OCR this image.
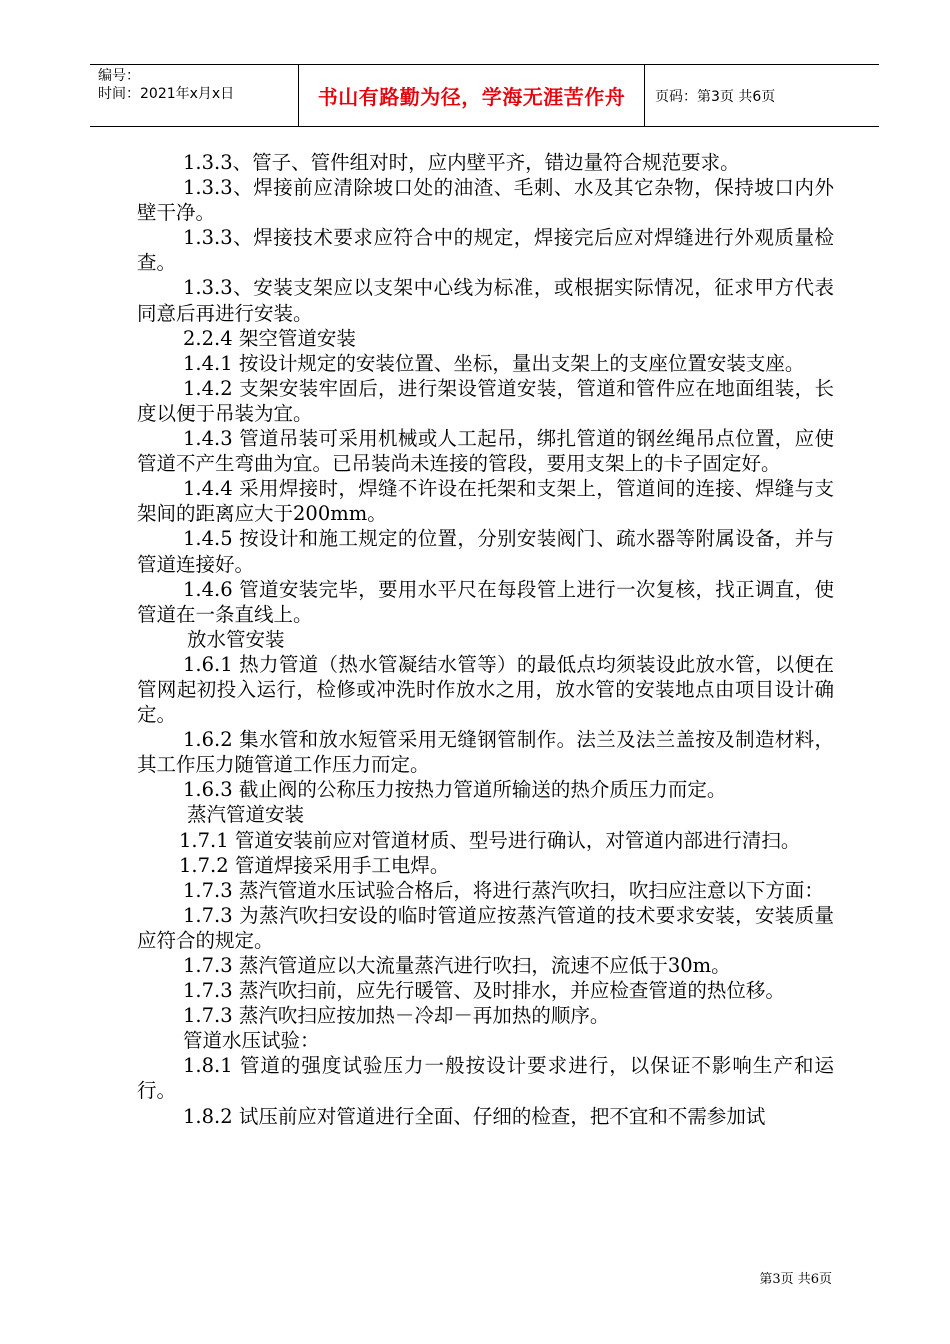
编号：
时间：2021年x月x日	书山有路勤为径，学海无涯苦作舟 页码：第3页 共6页

1.3.3、管子、管件组对时，应内壁平齐，错边量符合规范要求。

1.3.3、焊接前应清除坡口处的油渣、毛刺、水及其它杂物，保持坡口内外壁干净。

1.3.3、焊接技术要求应符合中的规定，焊接完后应对焊缝进行外观质量检查。

1.3.3、安装支架应以支架中心线为标准，或根据实际情况，征求甲方代表同意后再进行安装。

2.2.4 架空管道安装

1.4.1 按设计规定的安装位置、坐标，量出支架上的支座位置安装支座。

1.4.2 支架安装牢固后，进行架设管道安装，管道和管件应在地面组装，长度以便于吊装为宜。

1.4.3 管道吊装可采用机械或人工起吊，绑扎管道的钢丝绳吊点位置，应使管道不产生弯曲为宜。已吊装尚未连接的管段，要用支架上的卡子固定好。

1.4.4 采用焊接时，焊缝不许设在托架和支架上，管道间的连接、焊缝与支架间的距离应大于200mm。

1.4.5 按设计和施工规定的位置，分别安装阀门、疏水器等附属设备，并与管道连接好。

1.4.6 管道安装完毕，要用水平尺在每段管上进行一次复核，找正调直，使管道在一条直线上。

放水管安装

1.6.1 热力管道（热水管凝结水管等）的最低点均须装设此放水管，以便在管网起初投入运行，检修或冲洗时作放水之用，放水管的安装地点由项目设计确定。

1.6.2 集水管和放水短管采用无缝钢管制作。法兰及法兰盖按及制造材料，其工作压力随管道工作压力而定。

1.6.3 截止阀的公称压力按热力管道所输送的热介质压力而定。

蒸汽管道安装

1.7.1 管道安装前应对管道材质、型号进行确认，对管道内部进行清扫。

1.7.2 管道焊接采用手工电焊。

1.7.3 蒸汽管道水压试验合格后，将进行蒸汽吹扫，吹扫应注意以下方面：

1.7.3 为蒸汽吹扫安设的临时管道应按蒸汽管道的技术要求安装，安装质量应符合的规定。

1.7.3 蒸汽管道应以大流量蒸汽进行吹扫，流速不应低于30m。

1.7.3 蒸汽吹扫前，应先行暖管、及时排水，并应检查管道的热位移。

1.7.3 蒸汽吹扫应按加热－冷却－再加热的顺序。

管道水压试验：

1.8.1 管道的强度试验压力一般按设计要求进行，以保证不影响生产和运行。

1.8.2 试压前应对管道进行全面、仔细的检查，把不宜和不需参加试

第3页 共6页
